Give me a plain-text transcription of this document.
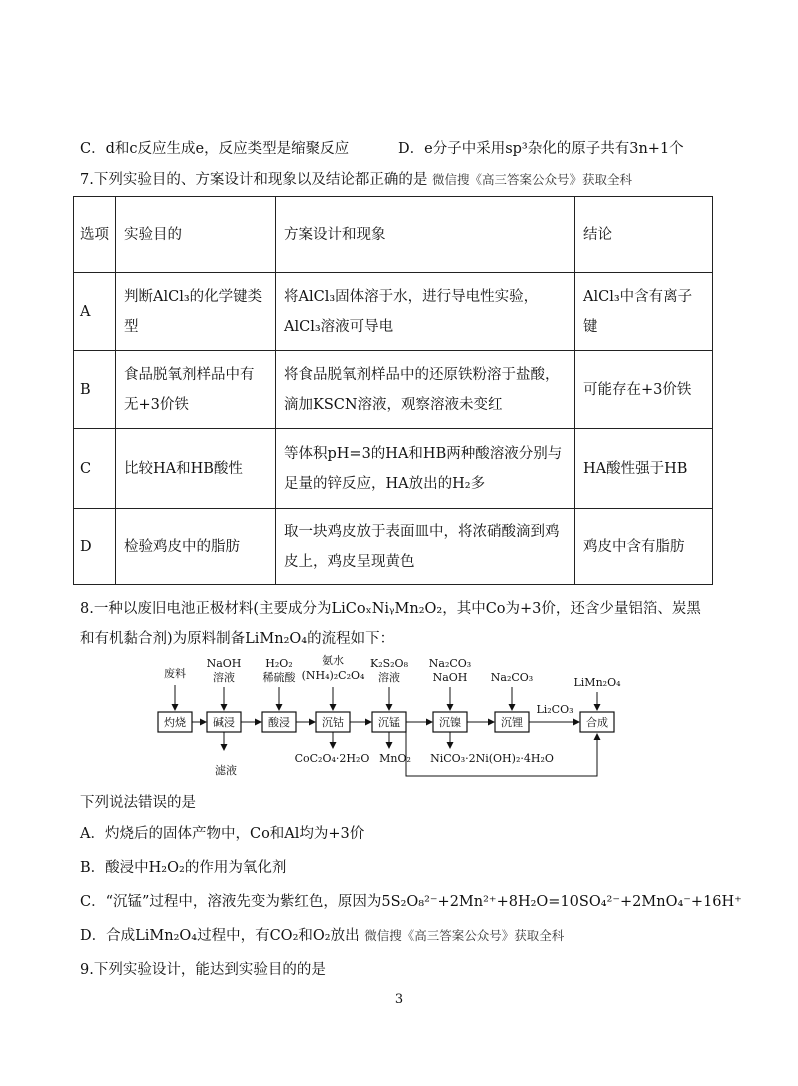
C．d和c反应生成e，反应类型是缩聚反应	D．e分子中采用sp³杂化的原子共有3n+1个
7.下列实验目的、方案设计和现象以及结论都正确的是 微信搜《高三答案公众号》获取全科
选项	实验目的	方案设计和现象	结论
A	判断AlCl₃的化学键类型	将AlCl₃固体溶于水，进行导电性实验，AlCl₃溶液可导电	AlCl₃中含有离子键
B	食品脱氧剂样品中有无+3价铁	将食品脱氧剂样品中的还原铁粉溶于盐酸，滴加KSCN溶液，观察溶液未变红	可能存在+3价铁
C	比较HA和HB酸性	等体积pH=3的HA和HB两种酸溶液分别与足量的锌反应，HA放出的H₂多	HA酸性强于HB
D	检验鸡皮中的脂肪	取一块鸡皮放于表面皿中，将浓硝酸滴到鸡皮上，鸡皮呈现黄色	鸡皮中含有脂肪
8.一种以废旧电池正极材料(主要成分为LiCoₓNiᵧMn₂O₂，其中Co为+3价，还含少量铝箔、炭黑
和有机黏合剂)为原料制备LiMn₂O₄的流程如下：
废料
NaOH
溶液
H₂O₂
稀硫酸
氨水
(NH₄)₂C₂O₄
K₂S₂O₈
溶液
Na₂CO₃
NaOH Na₂CO₃	LiMn₂O₄
Li₂CO₃
滤液
CoC₂O₄·2H₂O MnO₂ NiCO₃·2Ni(OH)₂·4H₂O
灼烧 碱浸	酸浸	沉钴	沉锰	沉镍	沉锂	合成
下列说法错误的是
A．灼烧后的固体产物中，Co和Al均为+3价
B．酸浸中H₂O₂的作用为氧化剂
C．“沉锰”过程中，溶液先变为紫红色，原因为5S₂O₈²⁻+2Mn²⁺+8H₂O=10SO₄²⁻+2MnO₄⁻+16H⁺
D．合成LiMn₂O₄过程中，有CO₂和O₂放出 微信搜《高三答案公众号》获取全科
9.下列实验设计，能达到实验目的的是
3
